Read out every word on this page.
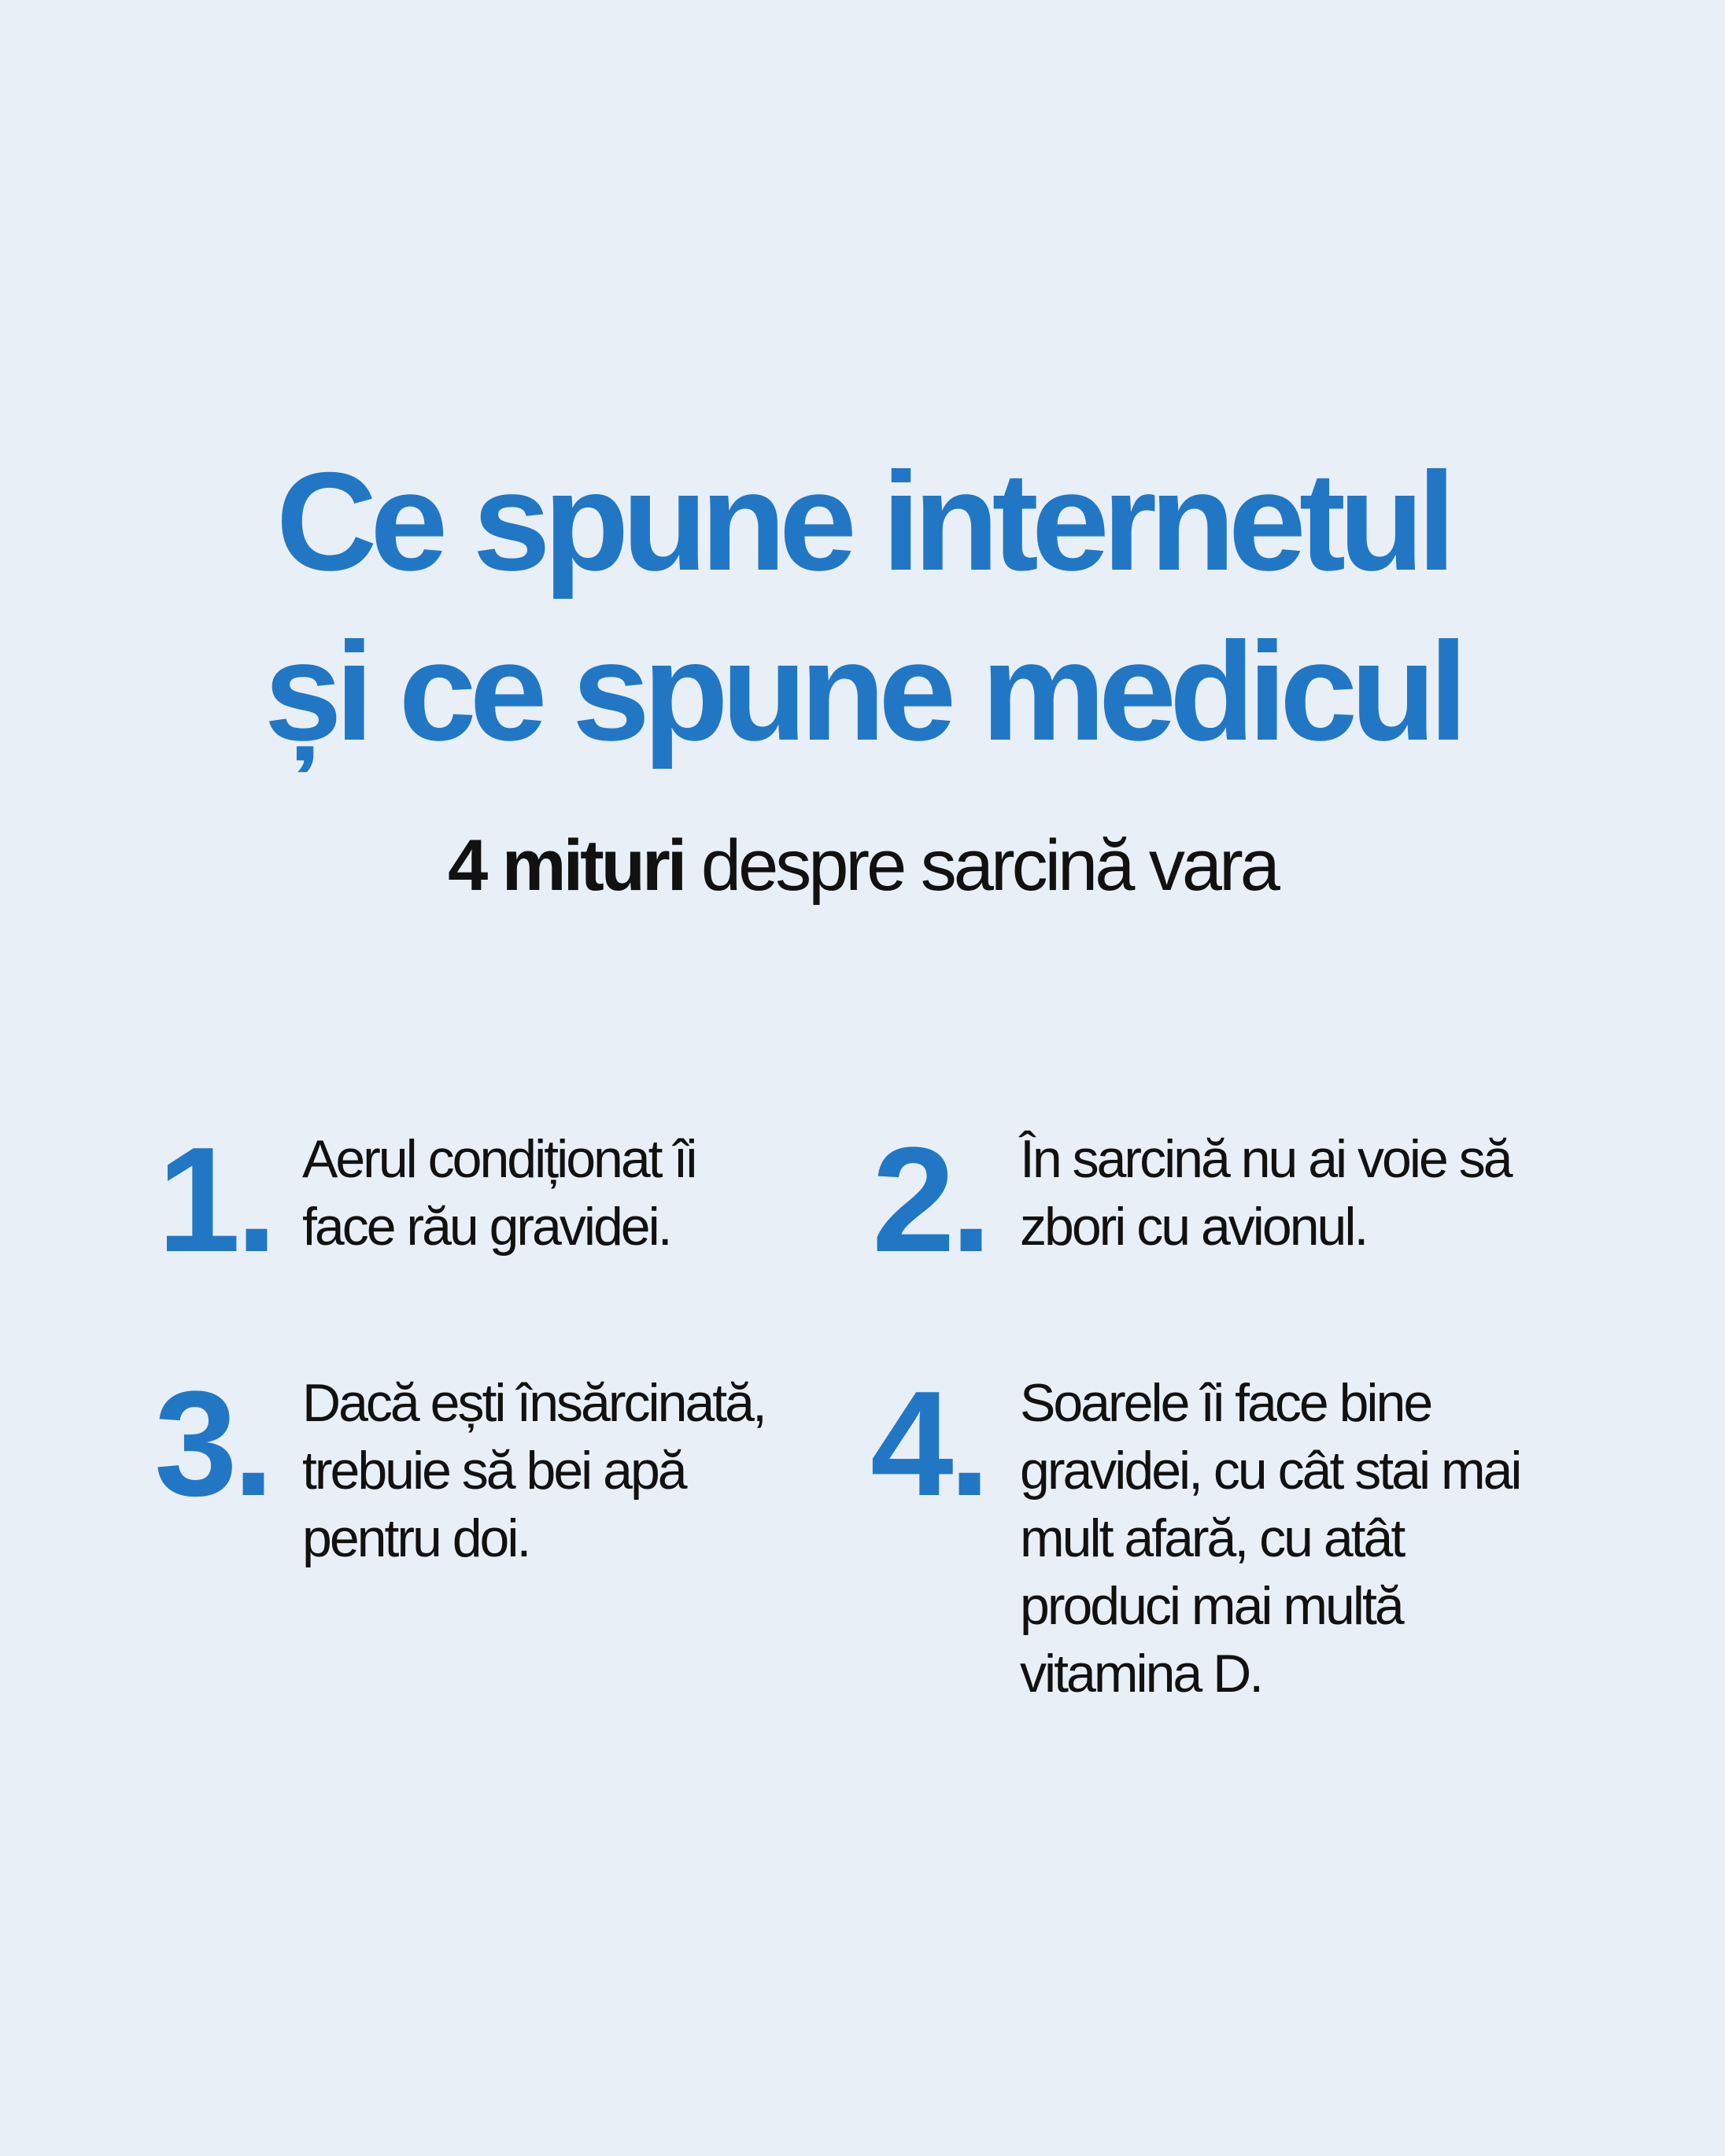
Ce spune internetul
și ce spune medicul
4 mituri despre sarcină vara
1. Aerul condiționat îi
face rău gravidei.	2. În sarcină nu ai voie să
zbori cu avionul.
3. Dacă ești însărcinată,
trebuie să bei apă
pentru doi.
4. Soarele îi face bine
gravidei, cu cât stai mai
mult afară, cu atât
produci mai multă
vitamina D.
